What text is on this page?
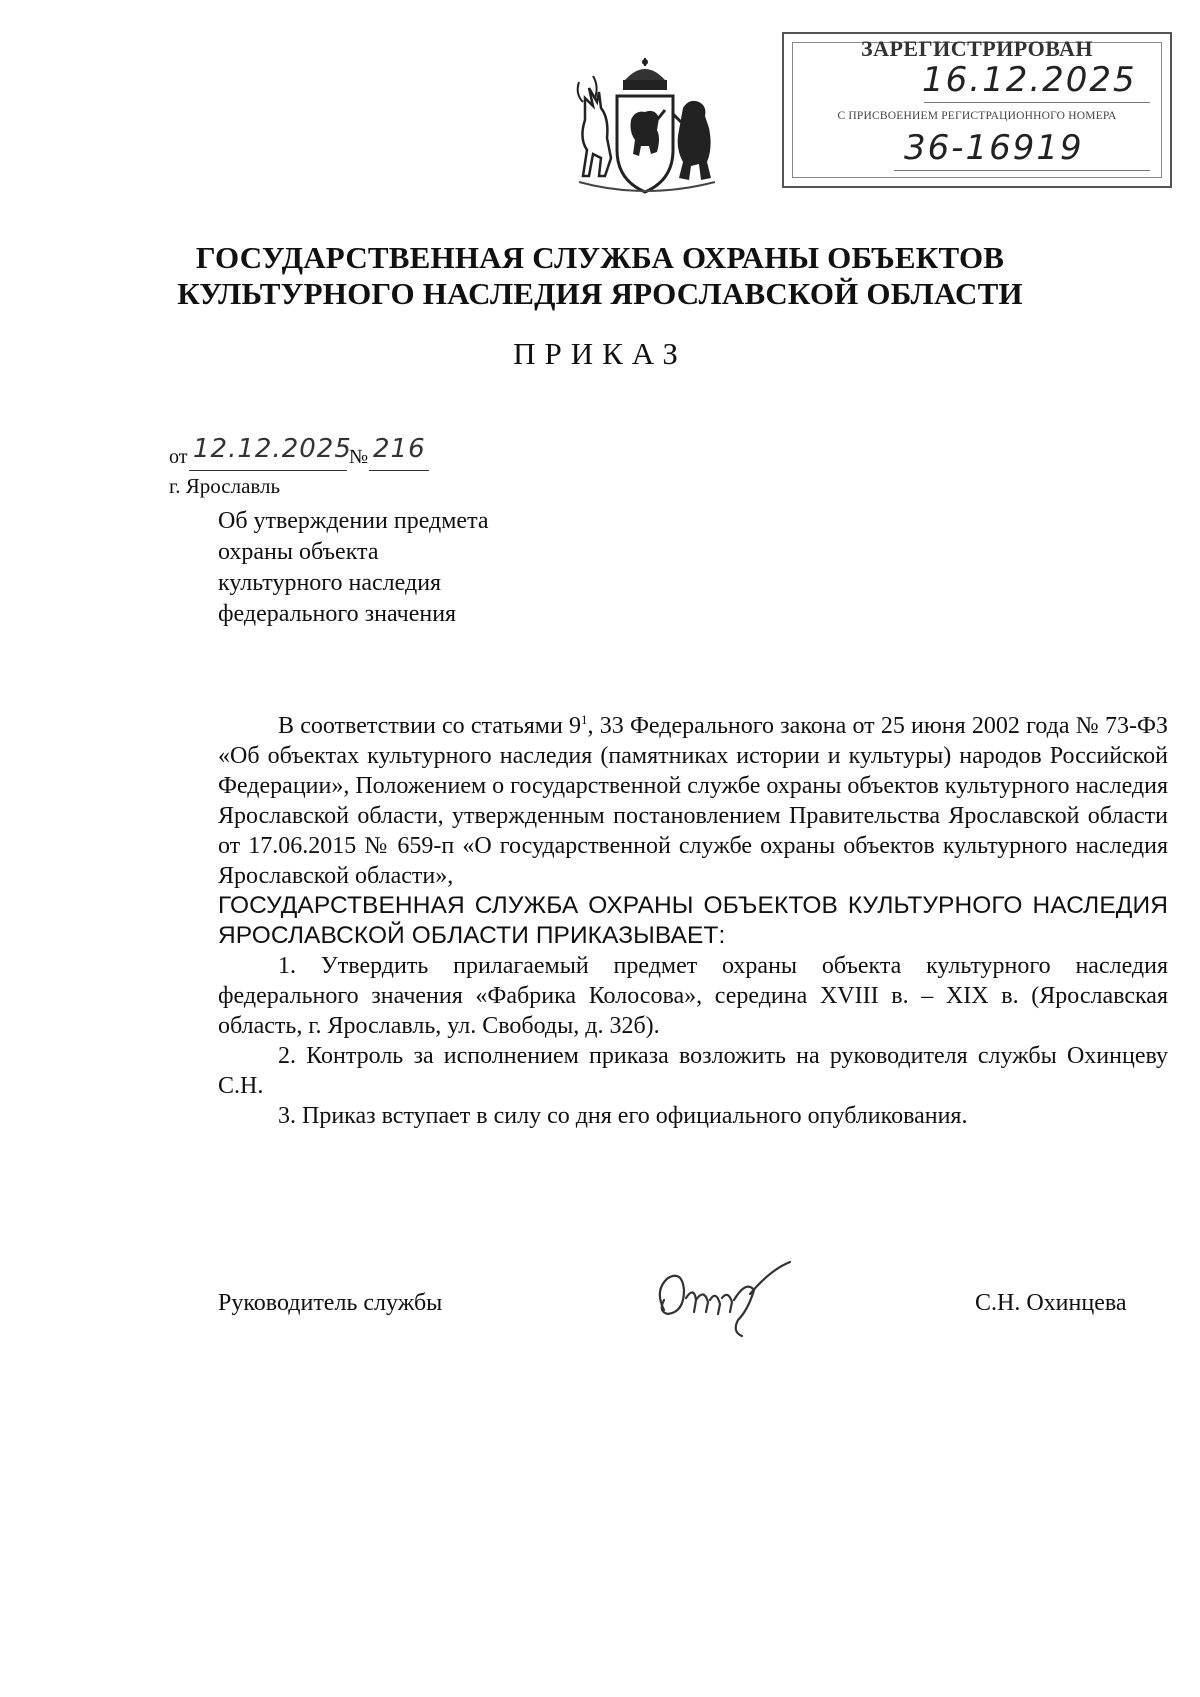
ЗАРЕГИСТРИРОВАН
16.12.2025
С ПРИСВОЕНИЕМ РЕГИСТРАЦИОННОГО НОМЕРА
36-16919
ГОСУДАРСТВЕННАЯ СЛУЖБА ОХРАНЫ ОБЪЕКТОВ
КУЛЬТУРНОГО НАСЛЕДИЯ ЯРОСЛАВСКОЙ ОБЛАСТИ
ПРИКАЗ
от 12.12.2025
№ 216
г. Ярославль
Об утверждении предмета
охраны объекта
культурного наследия
федерального значения

В соответствии со статьями $9^1$, 33 Федерального закона от 25 июня 2002 года № 73-ФЗ «Об объектах культурного наследия (памятниках истории и культуры) народов Российской Федерации», Положением о государственной службе охраны объектов культурного наследия Ярославской области, утвержденным постановлением Правительства Ярославской области от 17.06.2015 № 659-п «О государственной службе охраны объектов культурного наследия Ярославской области»,

ГОСУДАРСТВЕННАЯ СЛУЖБА ОХРАНЫ ОБЪЕКТОВ КУЛЬТУРНОГО НАСЛЕДИЯ ЯРОСЛАВСКОЙ ОБЛАСТИ ПРИКАЗЫВАЕТ:

1. Утвердить прилагаемый предмет охраны объекта культурного наследия федерального значения «Фабрика Колосова», середина XVIII в. – XIX в. (Ярославская область, г. Ярославль, ул. Свободы, д. 32б).

2. Контроль за исполнением приказа возложить на руководителя службы Охинцеву С.Н.

3. Приказ вступает в силу со дня его официального опубликования.

Руководитель службы	С.Н. Охинцева
